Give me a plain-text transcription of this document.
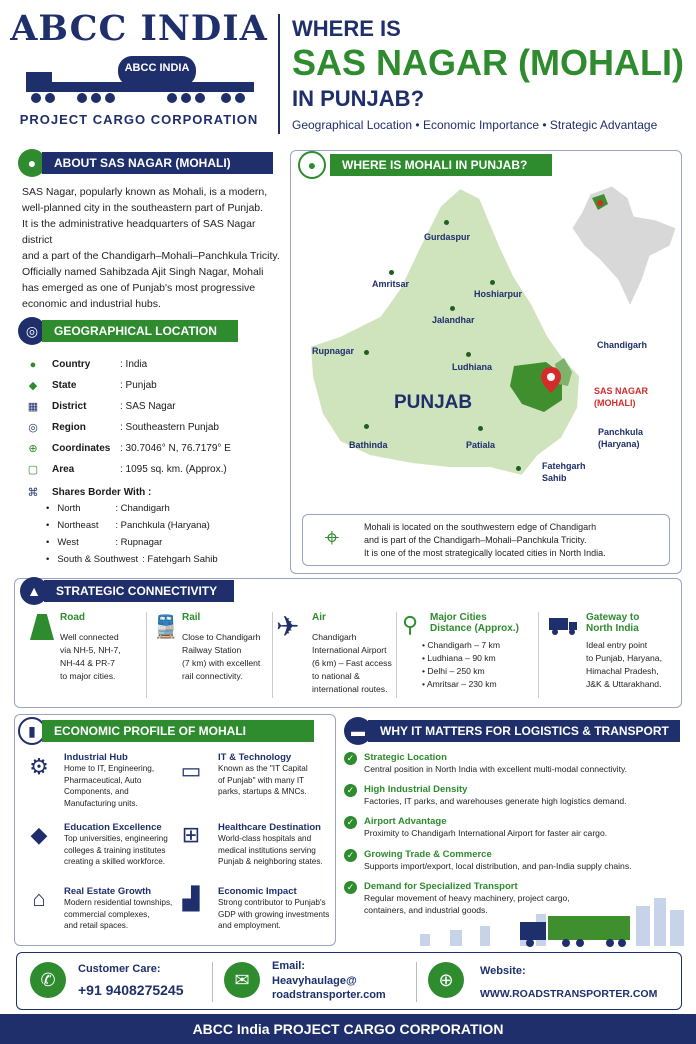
ABCC INDIA
ABCC INDIA
PROJECT CARGO CORPORATION
WHERE IS
SAS NAGAR (MOHALI)
IN PUNJAB?
Geographical Location • Economic Importance • Strategic Advantage
●	ABOUT SAS NAGAR (MOHALI)
SAS Nagar, popularly known as Mohali, is a modern,
well-planned city in the southeastern part of Punjab.
It is the administrative headquarters of SAS Nagar district
and a part of the Chandigarh–Mohali–Panchkula Tricity.
Officially named Sahibzada Ajit Singh Nagar, Mohali
has emerged as one of Punjab's most progressive
economic and industrial hubs.
◎	GEOGRAPHICAL LOCATION
●	Country	: India
◆ State	: Punjab
▦ District	: SAS Nagar
◎ Region	: Southeastern Punjab
⊕ Coordinates : 30.7046° N, 76.7179° E
▢ Area	: 1095 sq. km. (Approx.)
⌘ Shares Border With :
• North	: Chandigarh
• Northeast	: Panchkula (Haryana)
• West	: Rupnagar
• South & Southwest : Fatehgarh Sahib
●	WHERE IS MOHALI IN PUNJAB?
Gurdaspur
Amritsar
Hoshiarpur
Jalandhar
Rupnagar
Ludhiana
Chandigarh
PUNJAB
Bathinda	Patiala
Panchkula
(Haryana)
Fatehgarh
Sahib
SAS NAGAR
(MOHALI)
⌖	Mohali is located on the southwestern edge of Chandigarh
and is part of the Chandigarh–Mohali–Panchkula Tricity.
It is one of the most strategically located cities in North India.
▲	STRATEGIC CONNECTIVITY
Road
Well connected
via NH-5, NH-7,
NH-44 & PR-7
to major cities.
🚆 Rail
Close to Chandigarh
Railway Station
(7 km) with excellent
rail connectivity.
✈	Air
Chandigarh
International Airport
(6 km) – Fast access
to national &
international routes.
⚲	Major Cities
Distance (Approx.)
• Chandigarh – 7 km
• Ludhiana – 90 km
• Delhi – 250 km
• Amritsar – 230 km
Gateway to
North India
Ideal entry point
to Punjab, Haryana,
Himachal Pradesh,
J&K & Uttarakhand.
▮	ECONOMIC PROFILE OF MOHALI
⚙	Industrial Hub
Home to IT, Engineering,
Pharmaceutical, Auto
Components, and
Manufacturing units.
▭
IT & Technology
Known as the "IT Capital
of Punjab" with many IT
parks, startups & MNCs.
◆	Education Excellence
Top universities, engineering
colleges & training institutes
creating a skilled workforce.
⊞	Healthcare Destination
World-class hospitals and
medical institutions serving
Punjab & neighboring states.
⌂	Real Estate Growth
Modern residential townships,
commercial complexes,
and retail spaces.
▟	Economic Impact
Strong contributor to Punjab's
GDP with growing investments
and employment.
▬	WHY IT MATTERS FOR LOGISTICS & TRANSPORT
✓	Strategic Location
Central position in North India with excellent multi-modal connectivity.
✓	High Industrial Density
Factories, IT parks, and warehouses generate high logistics demand.
✓	Airport Advantage
Proximity to Chandigarh International Airport for faster air cargo.
✓	Growing Trade & Commerce
Supports import/export, local distribution, and pan-India supply chains.
✓	Demand for Specialized Transport
Regular movement of heavy machinery, project cargo,
containers, and industrial goods.
✆
Customer Care:
+91 9408275245
✉
Email:
Heavyhaulage@
roadstransporter.com
⊕	Website:
WWW.ROADSTRANSPORTER.COM
ABCC India PROJECT CARGO CORPORATION
